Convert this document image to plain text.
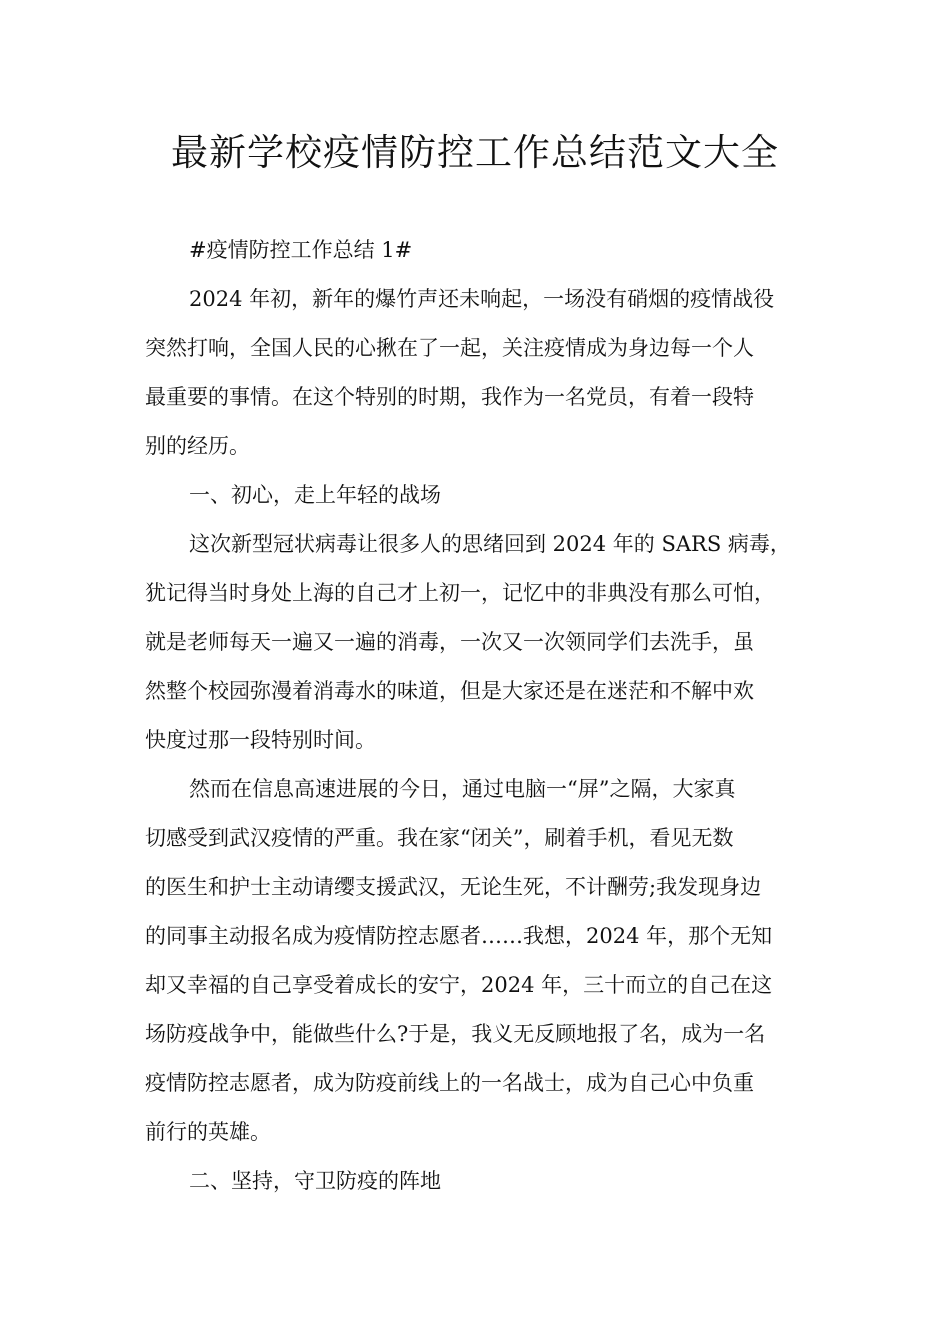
最新学校疫情防控工作总结范文大全

#疫情防控工作总结 1#

2024 年初，新年的爆竹声还未响起，一场没有硝烟的疫情战役
突然打响，全国人民的心揪在了一起，关注疫情成为身边每一个人
最重要的事情。在这个特别的时期，我作为一名党员，有着一段特
别的经历。

一、初心，走上年轻的战场

这次新型冠状病毒让很多人的思绪回到 2024 年的 SARS 病毒，
犹记得当时身处上海的自己才上初一，记忆中的非典没有那么可怕，
就是老师每天一遍又一遍的消毒，一次又一次领同学们去洗手，虽
然整个校园弥漫着消毒水的味道，但是大家还是在迷茫和不解中欢
快度过那一段特别时间。

然而在信息高速进展的今日，通过电脑一“屏”之隔，大家真
切感受到武汉疫情的严重。我在家“闭关”，刷着手机，看见无数
的医生和护士主动请缨支援武汉，无论生死，不计酬劳;我发现身边
的同事主动报名成为疫情防控志愿者……我想，2024 年，那个无知
却又幸福的自己享受着成长的安宁，2024 年，三十而立的自己在这
场防疫战争中，能做些什么?于是，我义无反顾地报了名，成为一名
疫情防控志愿者，成为防疫前线上的一名战士，成为自己心中负重
前行的英雄。

二、坚持，守卫防疫的阵地
